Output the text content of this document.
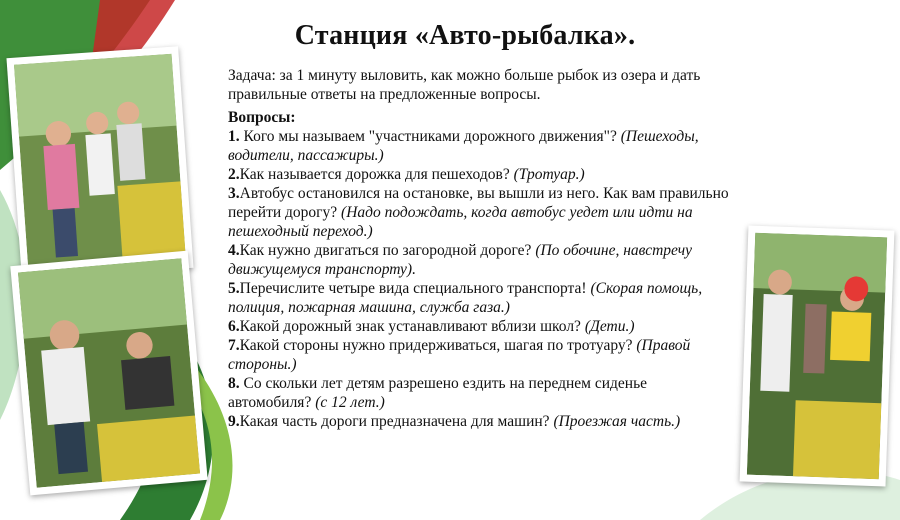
Станция «Авто-рыбалка».
Задача: за 1 минуту выловить, как можно больше рыбок из озера и дать правильные ответы на предложенные вопросы.
Вопросы:
1. Кого мы называем "участниками дорожного движения"? (Пешеходы, водители, пассажиры.)
2.Как называется дорожка для пешеходов? (Тротуар.)
3.Автобус остановился на остановке, вы вышли из него. Как вам правильно перейти дорогу? (Надо подождать, когда автобус уедет или идти на пешеходный переход.)
4.Как нужно двигаться по загородной дороге? (По обочине, навстречу движущемуся транспорту).
5.Перечислите четыре вида специального транспорта! (Скорая помощь, полиция, пожарная машина, служба газа.)
6.Какой дорожный знак устанавливают вблизи школ? (Дети.)
7.Какой стороны нужно придерживаться, шагая по тротуару? (Правой стороны.)
8. Со скольки лет детям разрешено ездить на переднем сиденье автомобиля? (с 12 лет.)
9.Какая часть дороги предназначена для машин? (Проезжая часть.)
